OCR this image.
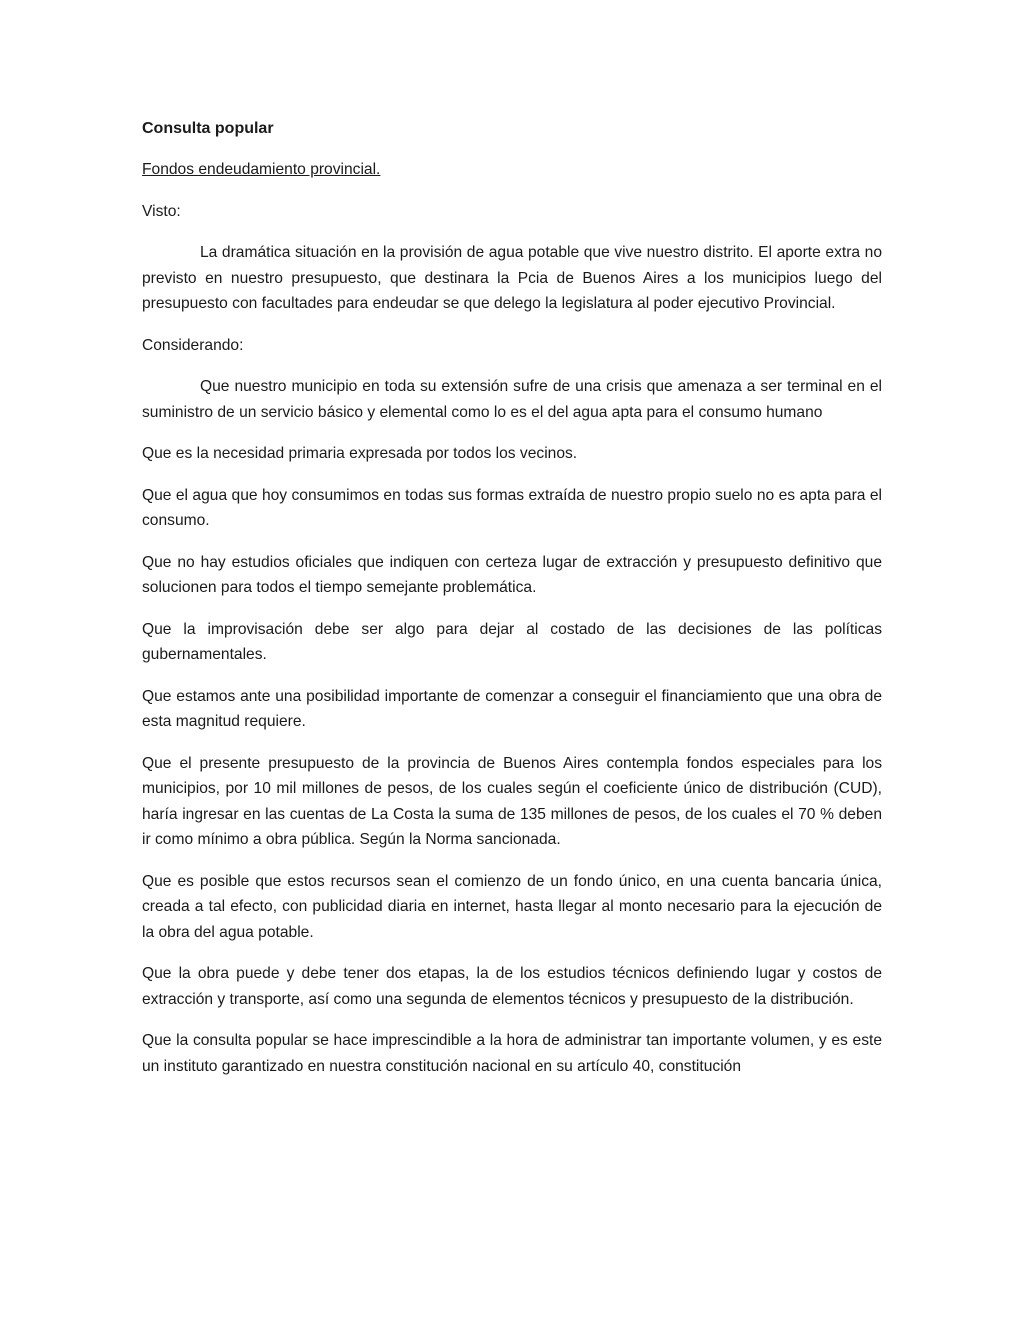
Consulta popular
Fondos endeudamiento provincial.
Visto:

La dramática situación en la provisión de agua potable que vive nuestro distrito. El aporte extra no previsto en nuestro presupuesto, que destinara la Pcia de Buenos Aires a los municipios luego del presupuesto con facultades para endeudar se que delego la legislatura al poder ejecutivo Provincial.

Considerando:

Que nuestro municipio en toda su extensión sufre de una crisis que amenaza a ser terminal en el suministro de un servicio básico y elemental como lo es el del agua apta para el consumo humano

Que es la necesidad primaria expresada por todos los vecinos.

Que el agua que hoy consumimos en todas sus formas extraída de nuestro propio suelo no es apta para el consumo.

Que no hay estudios oficiales que indiquen con certeza lugar de extracción y presupuesto definitivo que solucionen para todos el tiempo semejante problemática.

Que la improvisación debe ser algo para dejar al costado de las decisiones de las políticas gubernamentales.

Que estamos ante una posibilidad importante de comenzar a conseguir el financiamiento que una obra de esta magnitud requiere.

Que el presente presupuesto de la provincia de Buenos Aires contempla fondos especiales para los municipios, por 10 mil millones de pesos, de los cuales según el coeficiente único de distribución (CUD), haría ingresar en las cuentas de La Costa la suma de 135 millones de pesos, de los cuales el 70 % deben ir como mínimo a obra pública. Según la Norma sancionada.

Que es posible que estos recursos sean el comienzo de un fondo único, en una cuenta bancaria única, creada a tal efecto, con publicidad diaria en internet, hasta llegar al monto necesario para la ejecución de la obra del agua potable.

Que la obra puede y debe tener dos etapas, la de los estudios técnicos definiendo lugar y costos de extracción y transporte, así como una segunda de elementos técnicos y presupuesto de la distribución.

Que la consulta popular se hace imprescindible a la hora de administrar tan importante volumen, y es este un instituto garantizado en nuestra constitución nacional en su artículo 40, constitución
